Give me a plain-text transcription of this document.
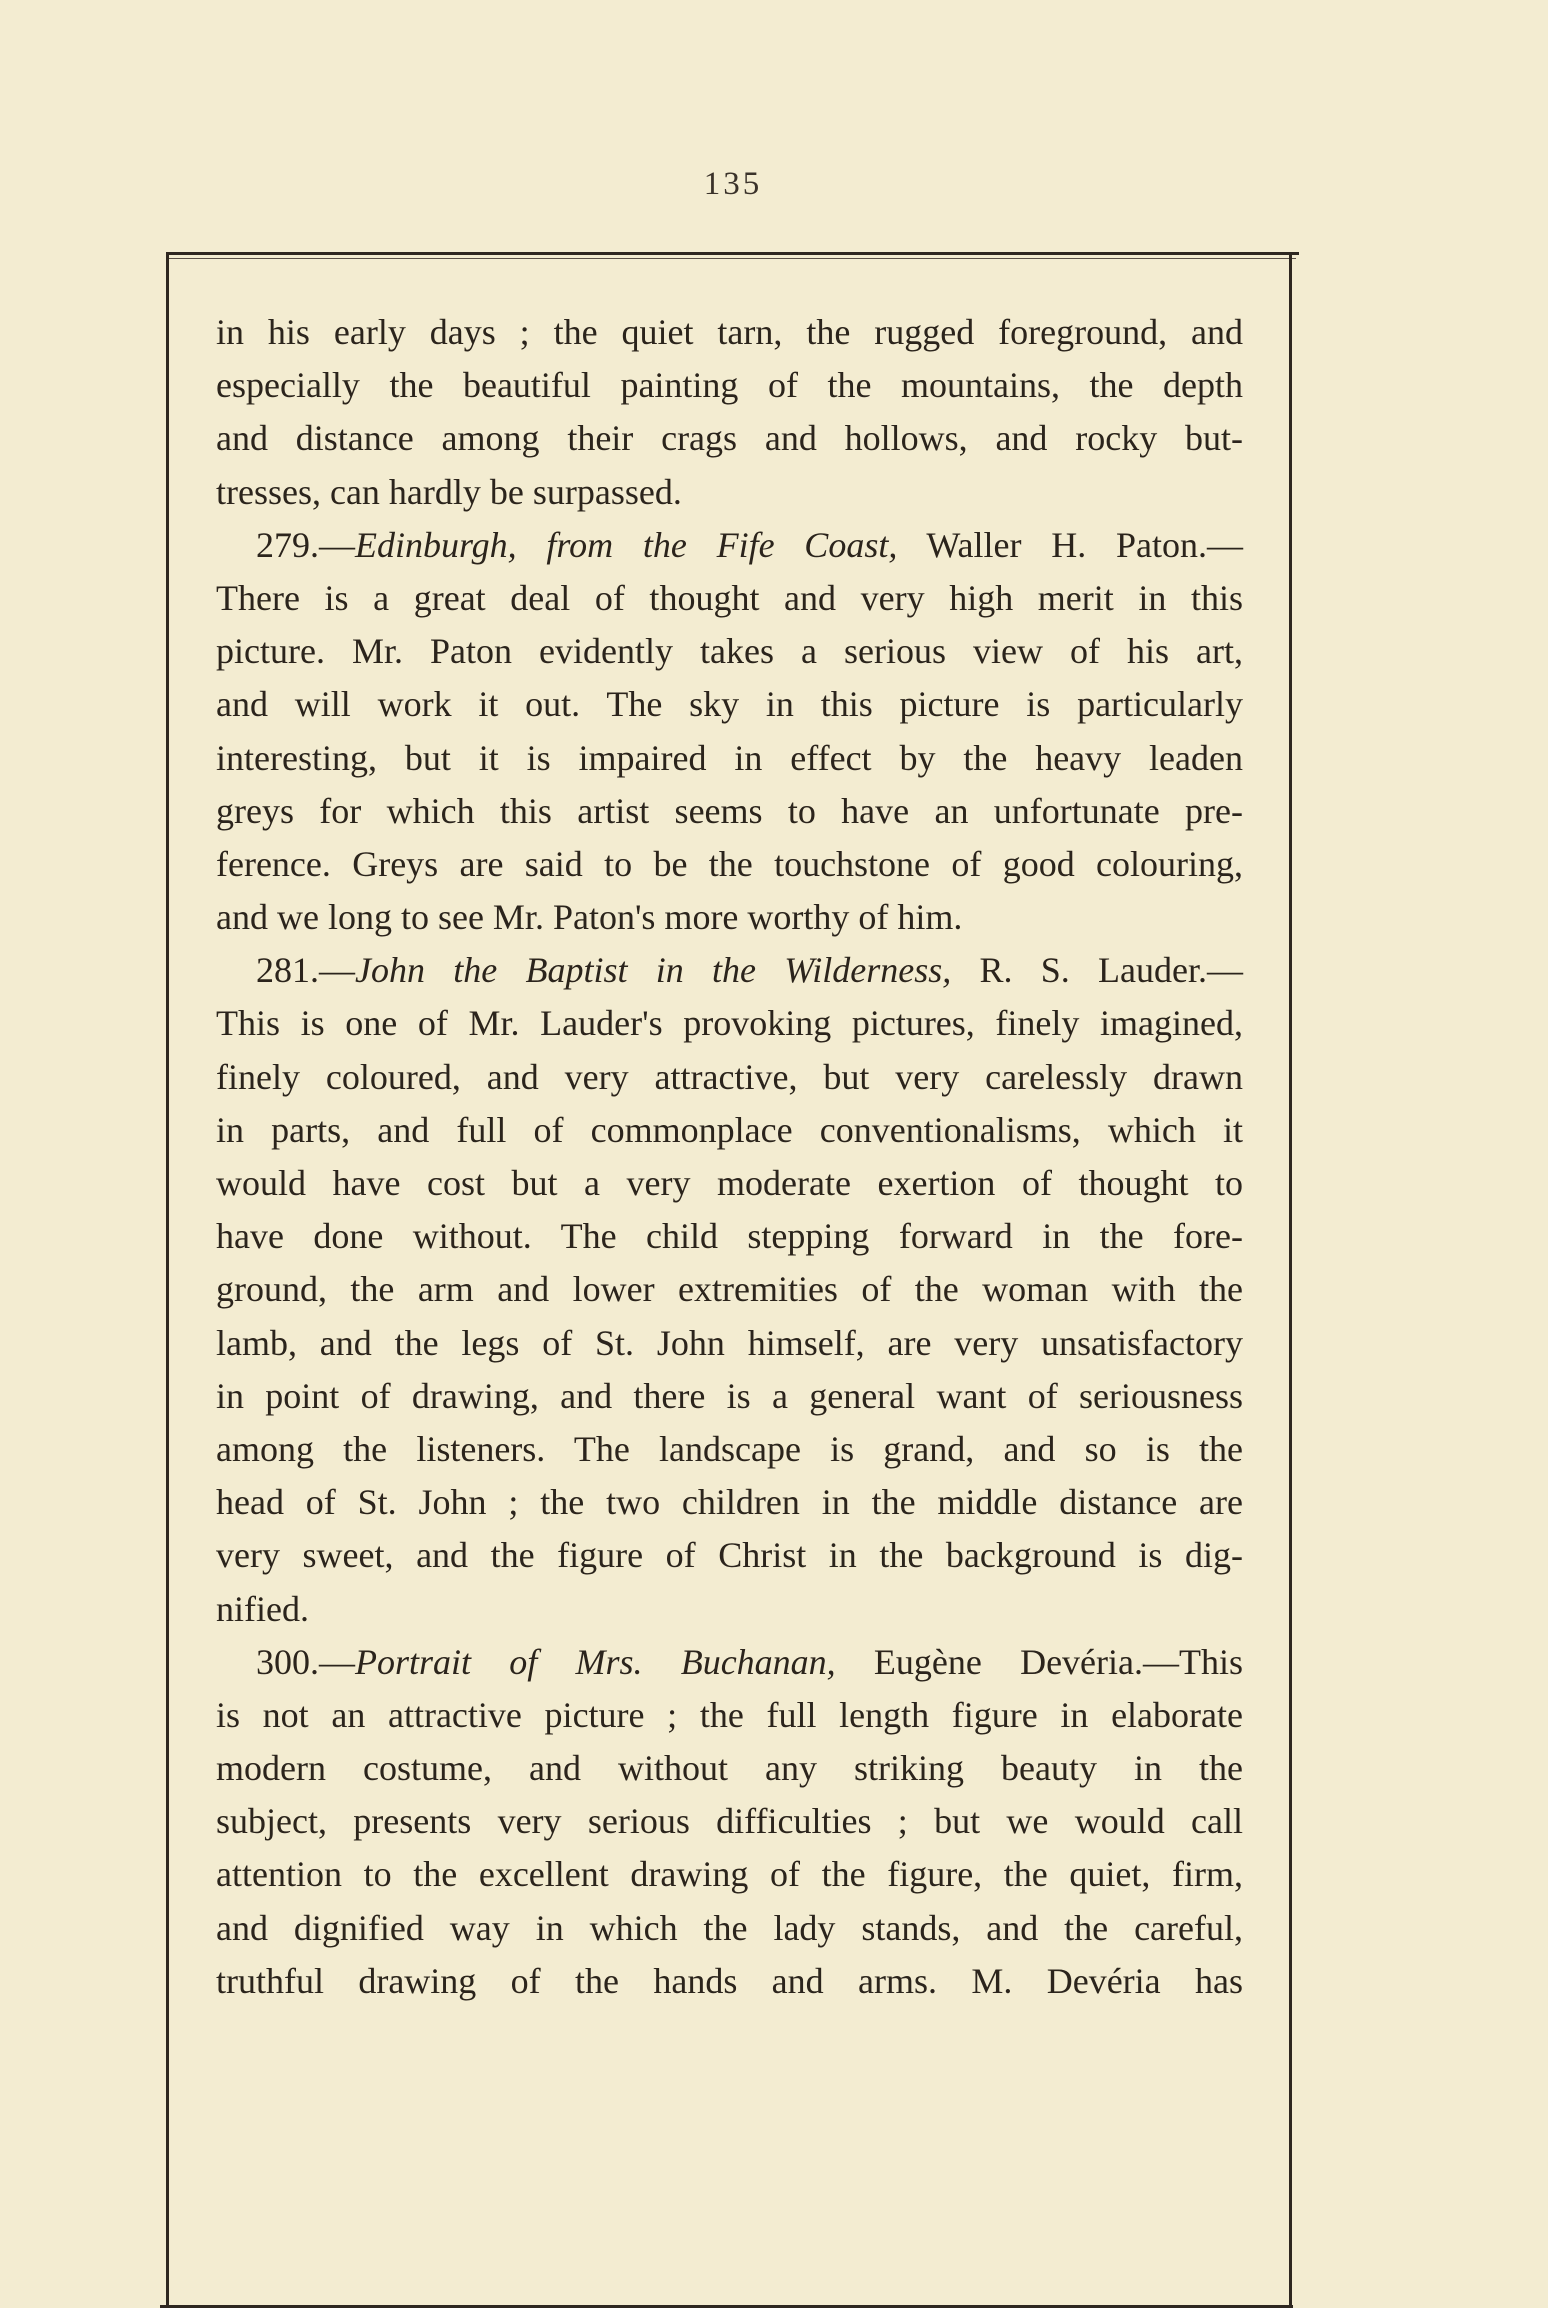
135
in his early days ; the quiet tarn, the rugged foreground, and
especially the beautiful painting of the mountains, the depth
and distance among their crags and hollows, and rocky but-
tresses, can hardly be surpassed.
279.—Edinburgh, from the Fife Coast, Waller H. Paton.—
There is a great deal of thought and very high merit in this
picture. Mr. Paton evidently takes a serious view of his art,
and will work it out. The sky in this picture is particularly
interesting, but it is impaired in effect by the heavy leaden
greys for which this artist seems to have an unfortunate pre-
ference. Greys are said to be the touchstone of good colouring,
and we long to see Mr. Paton's more worthy of him.
281.—John the Baptist in the Wilderness, R. S. Lauder.—
This is one of Mr. Lauder's provoking pictures, finely imagined,
finely coloured, and very attractive, but very carelessly drawn
in parts, and full of commonplace conventionalisms, which it
would have cost but a very moderate exertion of thought to
have done without. The child stepping forward in the fore-
ground, the arm and lower extremities of the woman with the
lamb, and the legs of St. John himself, are very unsatisfactory
in point of drawing, and there is a general want of seriousness
among the listeners. The landscape is grand, and so is the
head of St. John ; the two children in the middle distance are
very sweet, and the figure of Christ in the background is dig-
nified.
300.—Portrait of Mrs. Buchanan, Eugène Devéria.—This
is not an attractive picture ; the full length figure in elaborate
modern costume, and without any striking beauty in the
subject, presents very serious difficulties ; but we would call
attention to the excellent drawing of the figure, the quiet, firm,
and dignified way in which the lady stands, and the careful,
truthful drawing of the hands and arms. M. Devéria has
